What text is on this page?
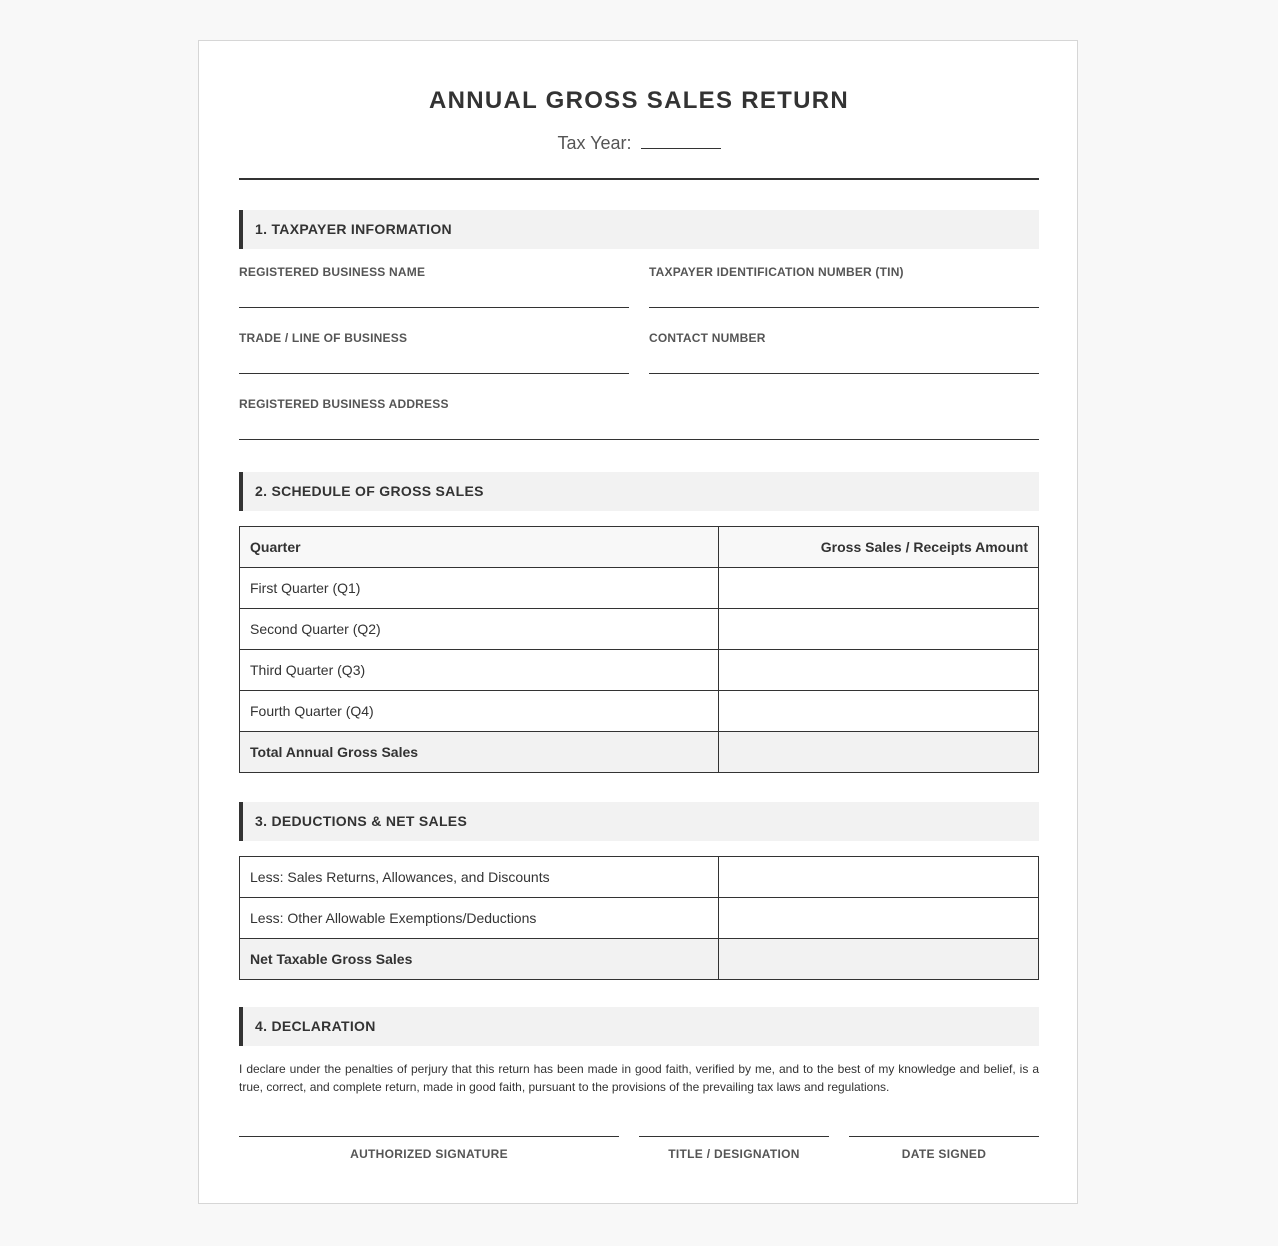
ANNUAL GROSS SALES RETURN
Tax Year:
1. TAXPAYER INFORMATION
REGISTERED BUSINESS NAME	TAXPAYER IDENTIFICATION NUMBER (TIN)
TRADE / LINE OF BUSINESS	CONTACT NUMBER
REGISTERED BUSINESS ADDRESS
2. SCHEDULE OF GROSS SALES
Quarter	Gross Sales / Receipts Amount
First Quarter (Q1)	
Second Quarter (Q2)	
Third Quarter (Q3)	
Fourth Quarter (Q4)	
Total Annual Gross Sales	
3. DEDUCTIONS & NET SALES
Less: Sales Returns, Allowances, and Discounts	
Less: Other Allowable Exemptions/Deductions	
Net Taxable Gross Sales	
4. DECLARATION

I declare under the penalties of perjury that this return has been made in good faith, verified by me, and to the best of my knowledge and belief, is a true, correct, and complete return, made in good faith, pursuant to the provisions of the prevailing tax laws and regulations.

AUTHORIZED SIGNATURE	TITLE / DESIGNATION	DATE SIGNED
